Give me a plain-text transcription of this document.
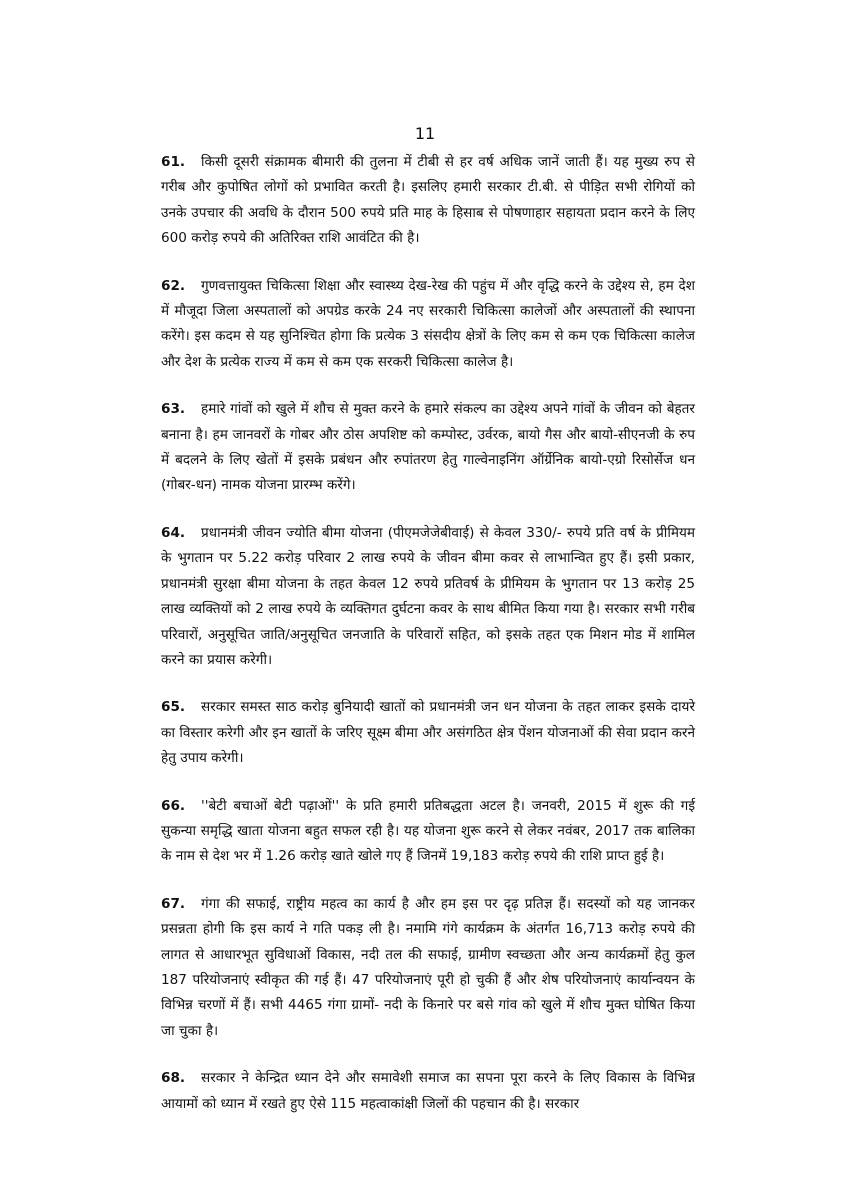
11

61. किसी दूसरी संक्रामक बीमारी की तुलना में टीबी से हर वर्ष अधिक जानें जाती हैं। यह मुख्य रुप से गरीब और कुपोषित लोगों को प्रभावित करती है। इसलिए हमारी सरकार टी.बी. से पीड़ित सभी रोगियों को उनके उपचार की अवधि के दौरान 500 रुपये प्रति माह के हिसाब से पोषणाहार सहायता प्रदान करने के लिए 600 करोड़ रुपये की अतिरिक्त राशि आवंटित की है।

62. गुणवत्तायुक्त चिकित्सा शिक्षा और स्वास्थ्य देख-रेख की पहुंच में और वृद्धि करने के उद्देश्य से, हम देश में मौजूदा जिला अस्पतालों को अपग्रेड करके 24 नए सरकारी चिकित्सा कालेजों और अस्पतालों की स्थापना करेंगे। इस कदम से यह सुनिश्चित होगा कि प्रत्येक 3 संसदीय क्षेत्रों के लिए कम से कम एक चिकित्सा कालेज और देश के प्रत्येक राज्य में कम से कम एक सरकरी चिकित्सा कालेज है।

63. हमारे गांवों को खुले में शौच से मुक्त करने के हमारे संकल्प का उद्देश्य अपने गांवों के जीवन को बेहतर बनाना है। हम जानवरों के गोबर और ठोस अपशिष्ट को कम्पोस्ट, उर्वरक, बायो गैस और बायो-सीएनजी के रुप में बदलने के लिए खेतों में इसके प्रबंधन और रुपांतरण हेतु गाल्वेनाइनिंग ऑर्ग्रेनिक बायो-एग्रो रिसोर्सेज धन (गोबर-धन) नामक योजना प्रारम्भ करेंगे।

64. प्रधानमंत्री जीवन ज्योति बीमा योजना (पीएमजेजेबीवाई) से केवल 330/- रुपये प्रति वर्ष के प्रीमियम के भुगतान पर 5.22 करोड़ परिवार 2 लाख रुपये के जीवन बीमा कवर से लाभान्वित हुए हैं। इसी प्रकार, प्रधानमंत्री सुरक्षा बीमा योजना के तहत केवल 12 रुपये प्रतिवर्ष के प्रीमियम के भुगतान पर 13 करोड़ 25 लाख व्यक्तियों को 2 लाख रुपये के व्यक्तिगत दुर्घटना कवर के साथ बीमित किया गया है। सरकार सभी गरीब परिवारों, अनुसूचित जाति/अनुसूचित जनजाति के परिवारों सहित, को इसके तहत एक मिशन मोड में शामिल करने का प्रयास करेगी।

65. सरकार समस्त साठ करोड़ बुनियादी खातों को प्रधानमंत्री जन धन योजना के तहत लाकर इसके दायरे का विस्तार करेगी और इन खातों के जरिए सूक्ष्म बीमा और असंगठित क्षेत्र पेंशन योजनाओं की सेवा प्रदान करने हेतु उपाय करेगी।

66. ''बेटी बचाओं बेटी पढ़ाओं'' के प्रति हमारी प्रतिबद्धता अटल है। जनवरी, 2015 में शुरू की गई सुकन्या समृद्धि खाता योजना बहुत सफल रही है। यह योजना शुरू करने से लेकर नवंबर, 2017 तक बालिका के नाम से देश भर में 1.26 करोड़ खाते खोले गए हैं जिनमें 19,183 करोड़ रुपये की राशि प्राप्त हुई है।

67. गंगा की सफाई, राष्ट्रीय महत्व का कार्य है और हम इस पर दृढ़ प्रतिज्ञ हैं। सदस्यों को यह जानकर प्रसन्नता होगी कि इस कार्य ने गति पकड़ ली है। नमामि गंगे कार्यक्रम के अंतर्गत 16,713 करोड़ रुपये की लागत से आधारभूत सुविधाओं विकास, नदी तल की सफाई, ग्रामीण स्वच्छता और अन्य कार्यक्रमों हेतु कुल 187 परियोजनाएं स्वीकृत की गई हैं। 47 परियोजनाएं पूरी हो चुकी हैं और शेष परियोजनाएं कार्यान्वयन के विभिन्न चरणों में हैं। सभी 4465 गंगा ग्रामों- नदी के किनारे पर बसे गांव को खुले में शौच मुक्त घोषित किया जा चुका है।

68. सरकार ने केन्द्रित ध्यान देने और समावेशी समाज का सपना पूरा करने के लिए विकास के विभिन्न आयामों को ध्यान में रखते हुए ऐसे 115 महत्वाकांक्षी जिलों की पहचान की है। सरकार
